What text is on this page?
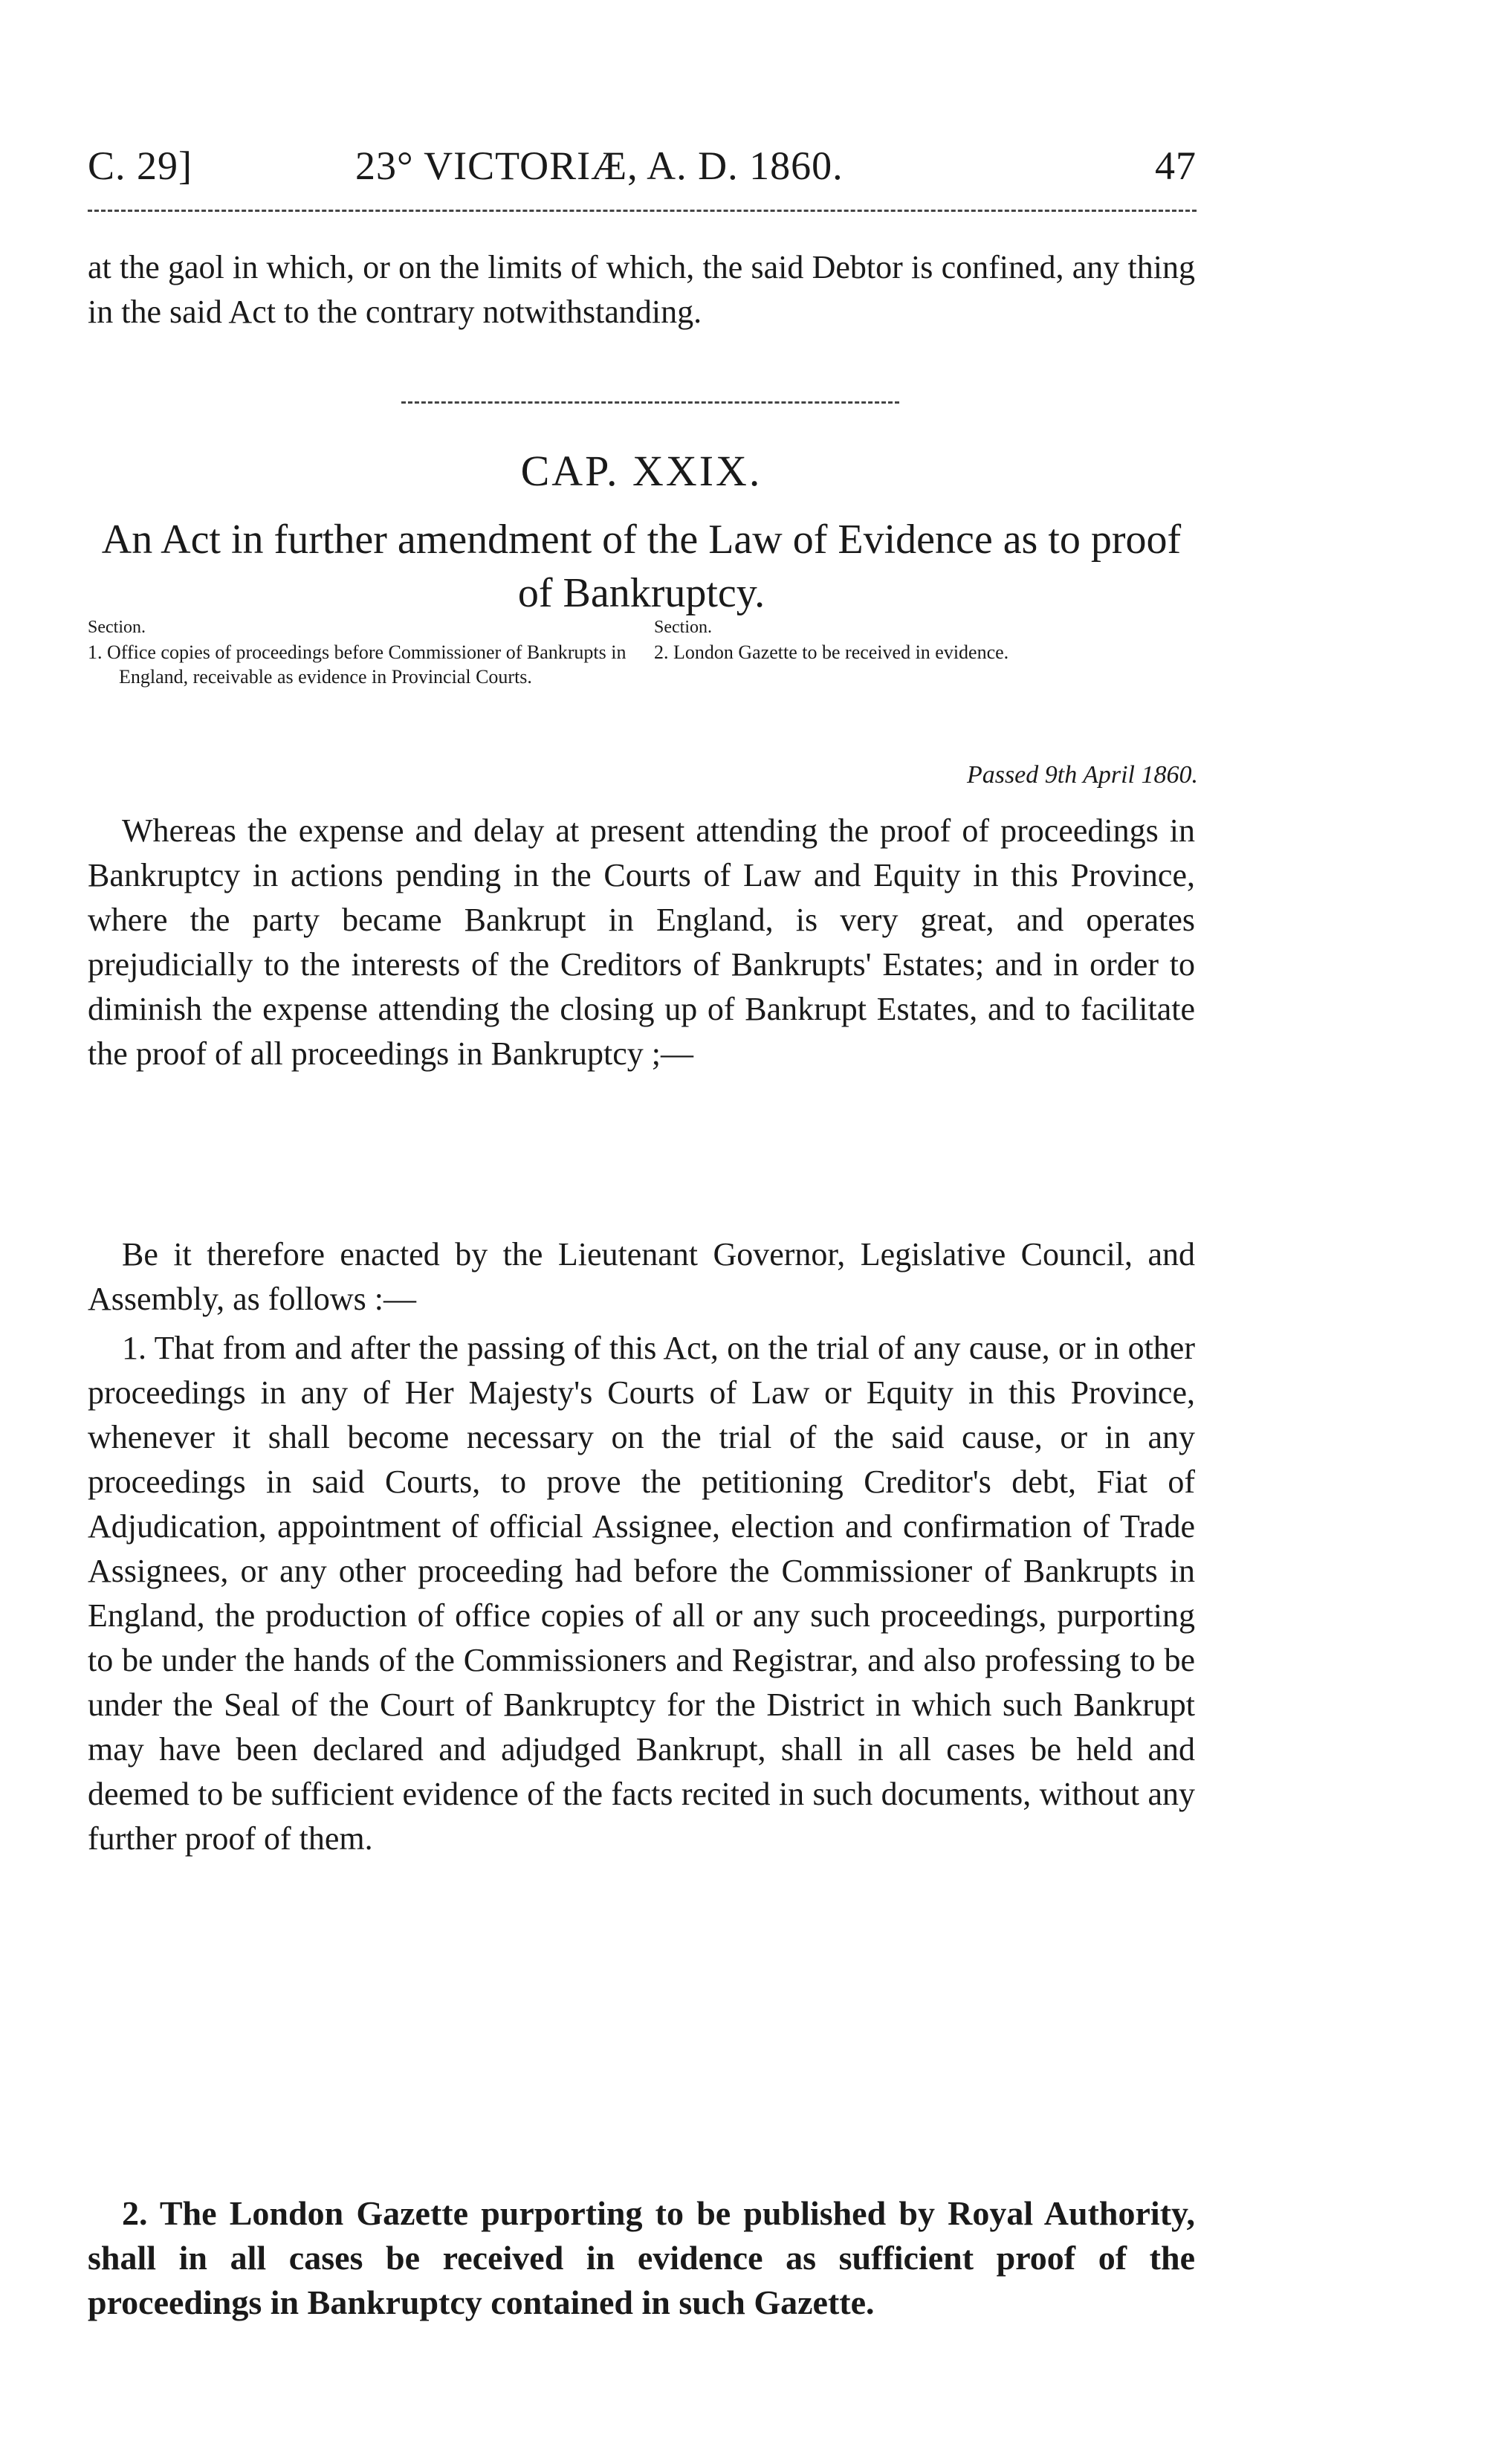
C. 29]	23° VICTORIÆ, A. D. 1860.	47
at the gaol in which, or on the limits of which, the said Debtor is confined, any thing in the said Act to the contrary notwithstanding.
CAP. XXIX.
An Act in further amendment of the Law of Evidence as to proof of Bankruptcy.
Section.
1. Office copies of proceedings before Commissioner of Bankrupts in England, receivable as evidence in Provincial Courts.
Section.
2. London Gazette to be received in evidence.
Passed 9th April 1860.
Whereas the expense and delay at present attending the proof of proceedings in Bankruptcy in actions pending in the Courts of Law and Equity in this Province, where the party became Bankrupt in England, is very great, and operates prejudicially to the interests of the Creditors of Bankrupts' Estates; and in order to diminish the expense attending the closing up of Bankrupt Estates, and to facilitate the proof of all proceedings in Bankruptcy ;—
Be it therefore enacted by the Lieutenant Governor, Legislative Council, and Assembly, as follows :—
1. That from and after the passing of this Act, on the trial of any cause, or in other proceedings in any of Her Majesty's Courts of Law or Equity in this Province, whenever it shall become necessary on the trial of the said cause, or in any proceedings in said Courts, to prove the petitioning Creditor's debt, Fiat of Adjudication, appointment of official Assignee, election and confirmation of Trade Assignees, or any other proceeding had before the Commissioner of Bankrupts in England, the production of office copies of all or any such proceedings, purporting to be under the hands of the Commissioners and Registrar, and also professing to be under the Seal of the Court of Bankruptcy for the District in which such Bankrupt may have been declared and adjudged Bankrupt, shall in all cases be held and deemed to be sufficient evidence of the facts recited in such documents, without any further proof of them.
2. The London Gazette purporting to be published by Royal Authority, shall in all cases be received in evidence as sufficient proof of the proceedings in Bankruptcy contained in such Gazette.
